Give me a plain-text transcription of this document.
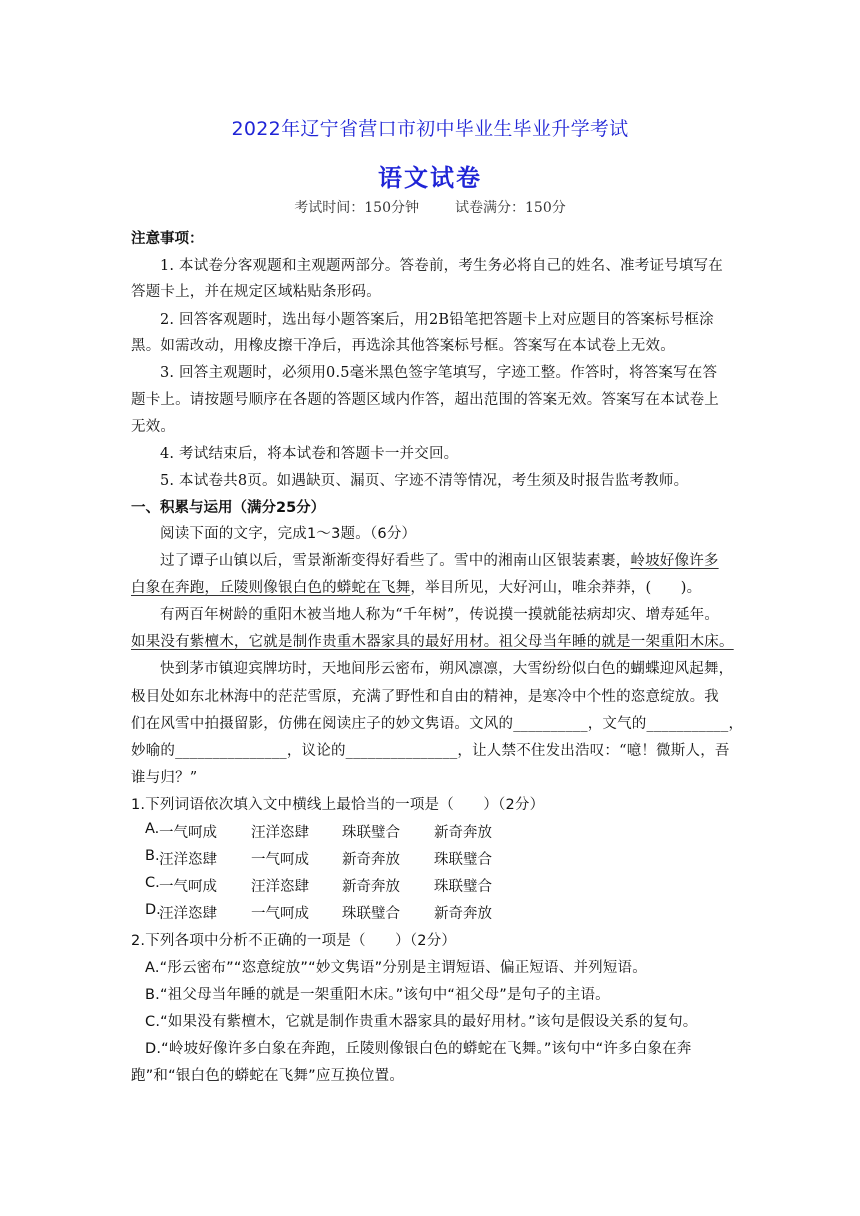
2022年辽宁省营口市初中毕业生毕业升学考试
语文试卷
考试时间：150分钟	试卷满分：150分
注意事项：
1. 本试卷分客观题和主观题两部分。答卷前，考生务必将自己的姓名、准考证号填写在
答题卡上，并在规定区域粘贴条形码。
2. 回答客观题时，选出每小题答案后，用2B铅笔把答题卡上对应题目的答案标号框涂
黑。如需改动，用橡皮擦干净后，再选涂其他答案标号框。答案写在本试卷上无效。
3. 回答主观题时，必须用0.5毫米黑色签字笔填写，字迹工整。作答时，将答案写在答
题卡上。请按题号顺序在各题的答题区域内作答，超出范围的答案无效。答案写在本试卷上
无效。
4. 考试结束后，将本试卷和答题卡一并交回。
5. 本试卷共8页。如遇缺页、漏页、字迹不清等情况，考生须及时报告监考教师。
一、积累与运用（满分25分）
阅读下面的文字，完成1～3题。（6分）
过了谭子山镇以后，雪景渐渐变得好看些了。雪中的湘南山区银装素裹，岭坡好像许多
白象在奔跑，丘陵则像银白色的蟒蛇在飞舞，举目所见，大好河山，唯余莽莽，(　　)。
有两百年树龄的重阳木被当地人称为“千年树”，传说摸一摸就能祛病却灾、增寿延年。
如果没有紫檀木，它就是制作贵重木器家具的最好用材。祖父母当年睡的就是一架重阳木床。
快到茅市镇迎宾牌坊时，天地间彤云密布，朔风凛凛，大雪纷纷似白色的蝴蝶迎风起舞，
极目处如东北林海中的茫茫雪原，充满了野性和自由的精神，是寒冷中个性的恣意绽放。我
们在风雪中拍摄留影，仿佛在阅读庄子的妙文隽语。文风的__________，文气的___________，
妙喻的_______________，议论的_______________，让人禁不住发出浩叹：“噫！微斯人，吾
谁与归？”
1.下列词语依次填入文中横线上最恰当的一项是（　　）（2分）
A. 一气呵成 汪洋恣肆 珠联璧合 新奇奔放
B. 汪洋恣肆 一气呵成 新奇奔放 珠联璧合
C. 一气呵成 汪洋恣肆 新奇奔放 珠联璧合
D.
汪洋恣肆 一气呵成 珠联璧合 新奇奔放
2.下列各项中分析不正确的一项是（　　）（2分）
A.“彤云密布”“恣意绽放”“妙文隽语”分别是主谓短语、偏正短语、并列短语。
B.“祖父母当年睡的就是一架重阳木床。”该句中“祖父母”是句子的主语。
C.“如果没有紫檀木，它就是制作贵重木器家具的最好用材。”该句是假设关系的复句。
D.“岭坡好像许多白象在奔跑，丘陵则像银白色的蟒蛇在飞舞。”该句中“许多白象在奔
跑”和“银白色的蟒蛇在飞舞”应互换位置。
